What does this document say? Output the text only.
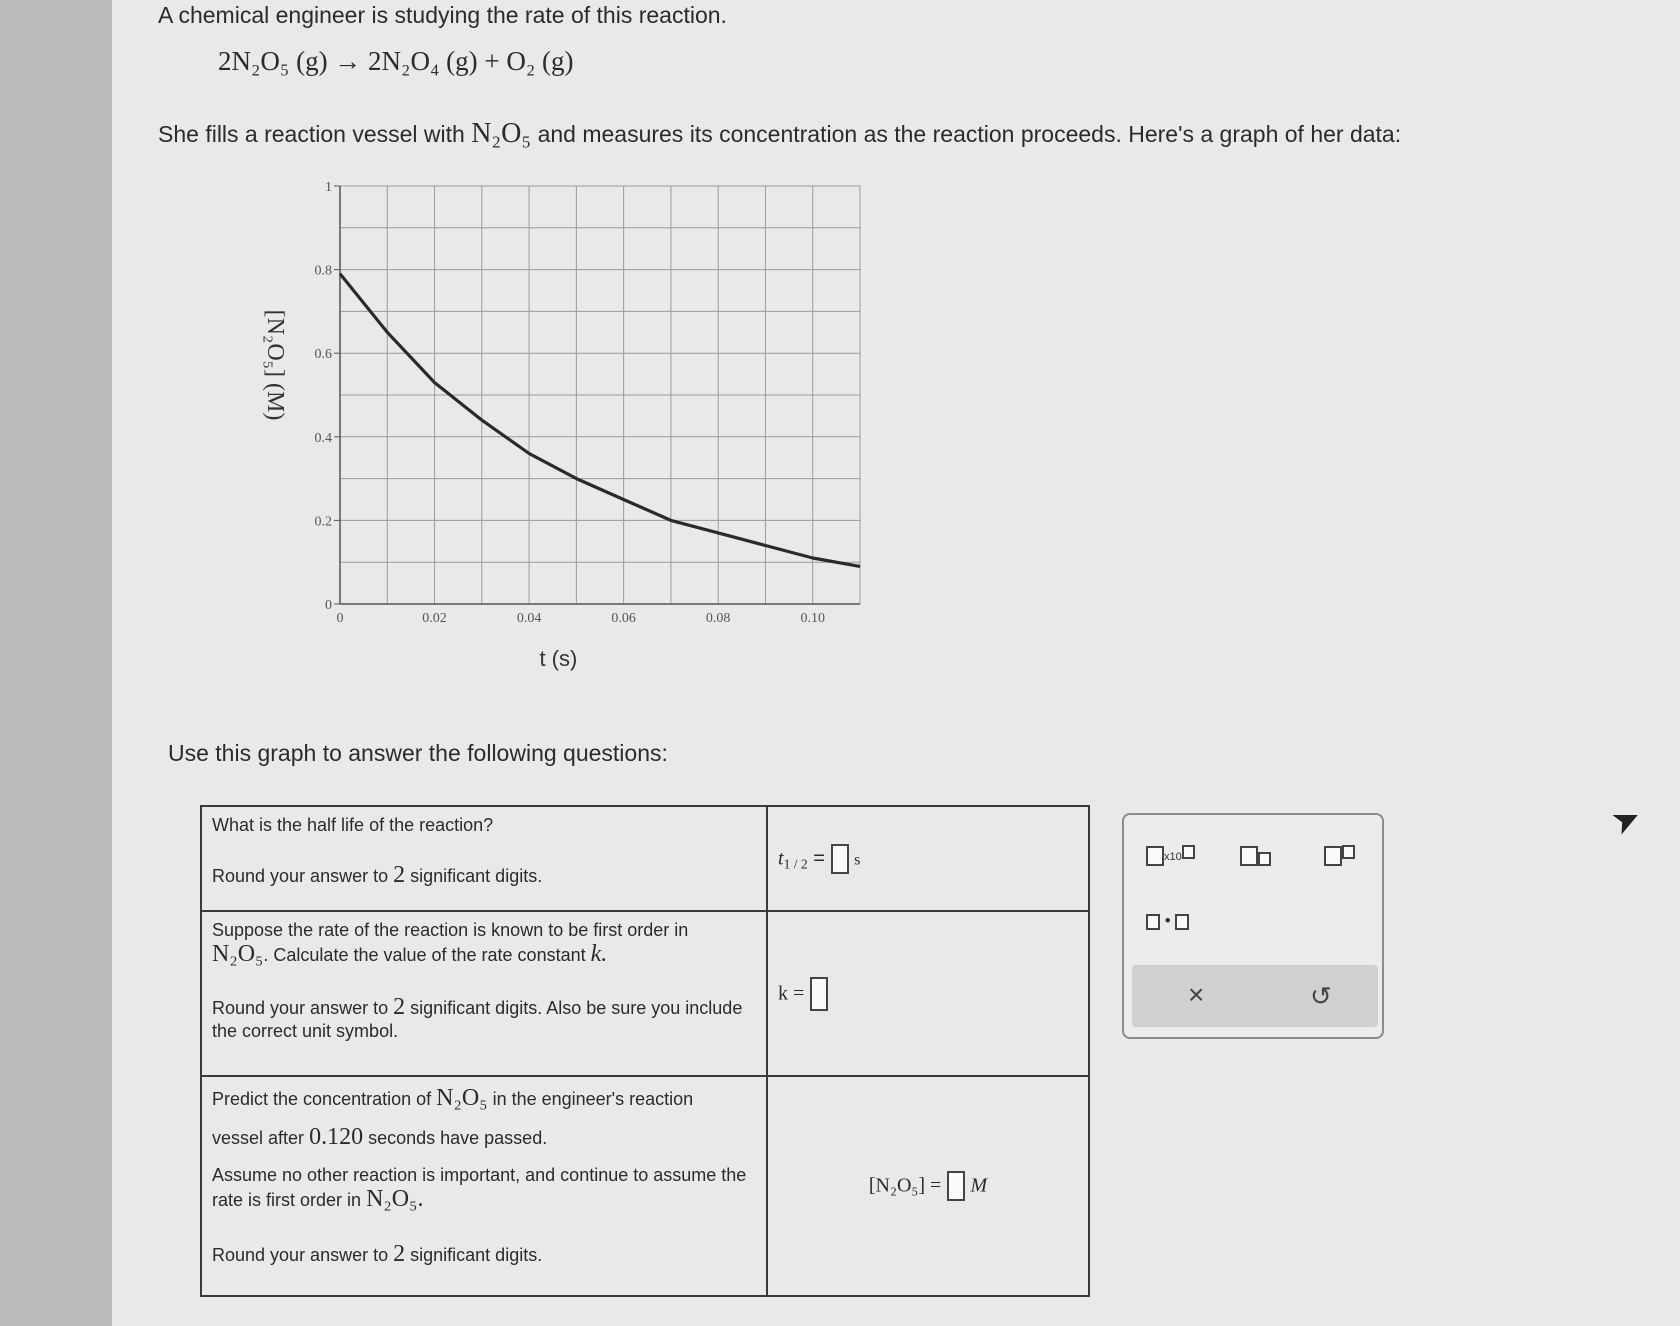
A chemical engineer is studying the rate of this reaction.
2N₂O₅ (g) → 2N₂O₄ (g) + O₂ (g)
She fills a reaction vessel with N₂O₅ and measures its concentration as the reaction proceeds. Here's a graph of her data:
0
0.2
0.4
0.6
0.8
1
0	0.02	0.04	0.06	0.08	0.10
[N₂O₅] (M)
t (s)
Use this graph to answer the following questions:
What is the half life of the reaction?
Round your answer to 2 significant digits.	$t_{1 / 2} = s$

Suppose the rate of the reaction is known to be first order in
N₂O₅. Calculate the value of the rate constant k.
Round your answer to 2 significant digits. Also be sure you include the correct unit symbol.	k =

Predict the concentration of N₂O₅ in the engineer's reaction
vessel after 0.120 seconds have passed.
Assume no other reaction is important, and continue to assume the rate is first order in N₂O₅.
Round your answer to 2 significant digits.	[N₂O₅] = M
x10
•
×	↺
➤
